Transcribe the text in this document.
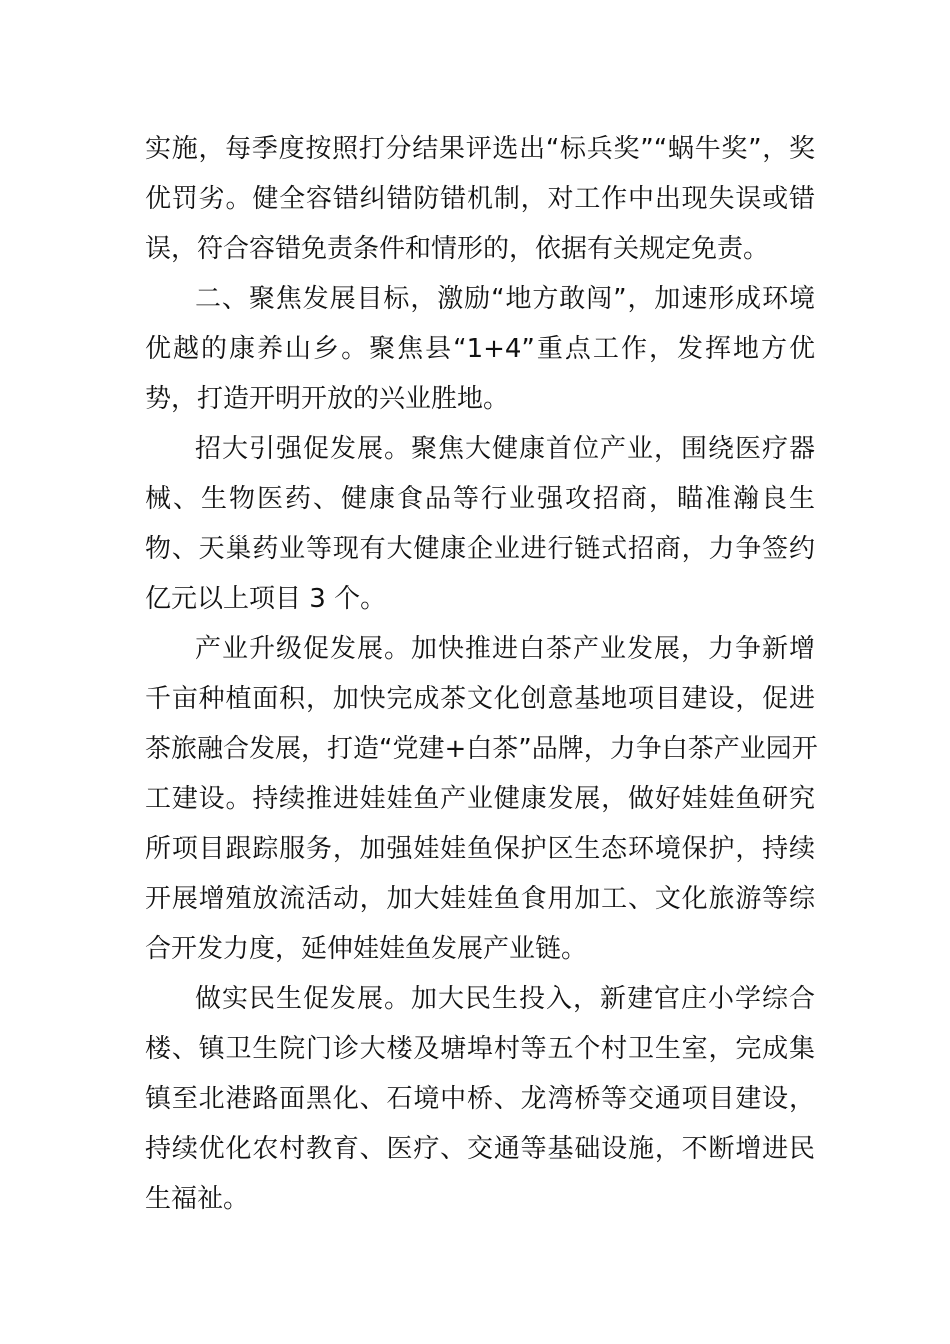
实施，每季度按照打分结果评选出“标兵奖”“蜗牛奖”，奖
优罚劣。健全容错纠错防错机制，对工作中出现失误或错
误，符合容错免责条件和情形的，依据有关规定免责。
二、聚焦发展目标，激励“地方敢闯”，加速形成环境
优越的康养山乡。聚焦县“1+4”重点工作，发挥地方优
势，打造开明开放的兴业胜地。
招大引强促发展。聚焦大健康首位产业，围绕医疗器
械、生物医药、健康食品等行业强攻招商，瞄准瀚良生
物、天巢药业等现有大健康企业进行链式招商，力争签约
亿元以上项目 3 个。
产业升级促发展。加快推进白茶产业发展，力争新增
千亩种植面积，加快完成茶文化创意基地项目建设，促进
茶旅融合发展，打造“党建+白茶”品牌，力争白茶产业园开
工建设。持续推进娃娃鱼产业健康发展，做好娃娃鱼研究
所项目跟踪服务，加强娃娃鱼保护区生态环境保护，持续
开展增殖放流活动，加大娃娃鱼食用加工、文化旅游等综
合开发力度，延伸娃娃鱼发展产业链。
做实民生促发展。加大民生投入，新建官庄小学综合
楼、镇卫生院门诊大楼及塘埠村等五个村卫生室，完成集
镇至北港路面黑化、石境中桥、龙湾桥等交通项目建设，
持续优化农村教育、医疗、交通等基础设施，不断增进民
生福祉。
